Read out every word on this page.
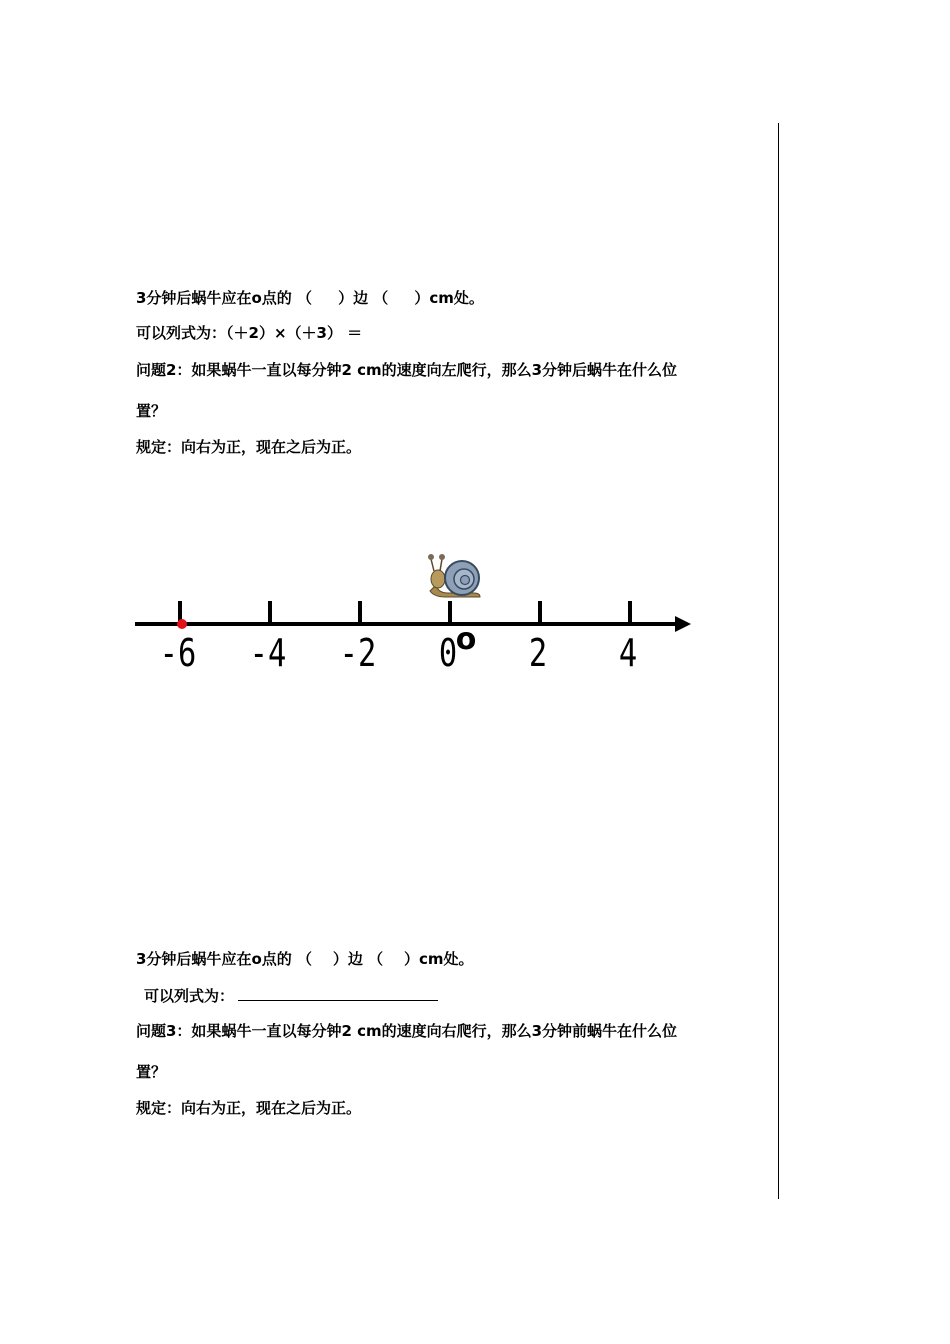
3分钟后蜗牛应在o点的 （     ）边 （     ）cm处。
可以列式为：（＋2）×（＋3） ＝
问题2：如果蜗牛一直以每分钟2 cm的速度向左爬行，那么3分钟后蜗牛在什么位
置？
规定：向右为正，现在之后为正。
-6 -4 -2 0 2 4
o
3分钟后蜗牛应在o点的 （    ）边 （    ）cm处。
可以列式为：
问题3：如果蜗牛一直以每分钟2 cm的速度向右爬行，那么3分钟前蜗牛在什么位
置？
规定：向右为正，现在之后为正。
